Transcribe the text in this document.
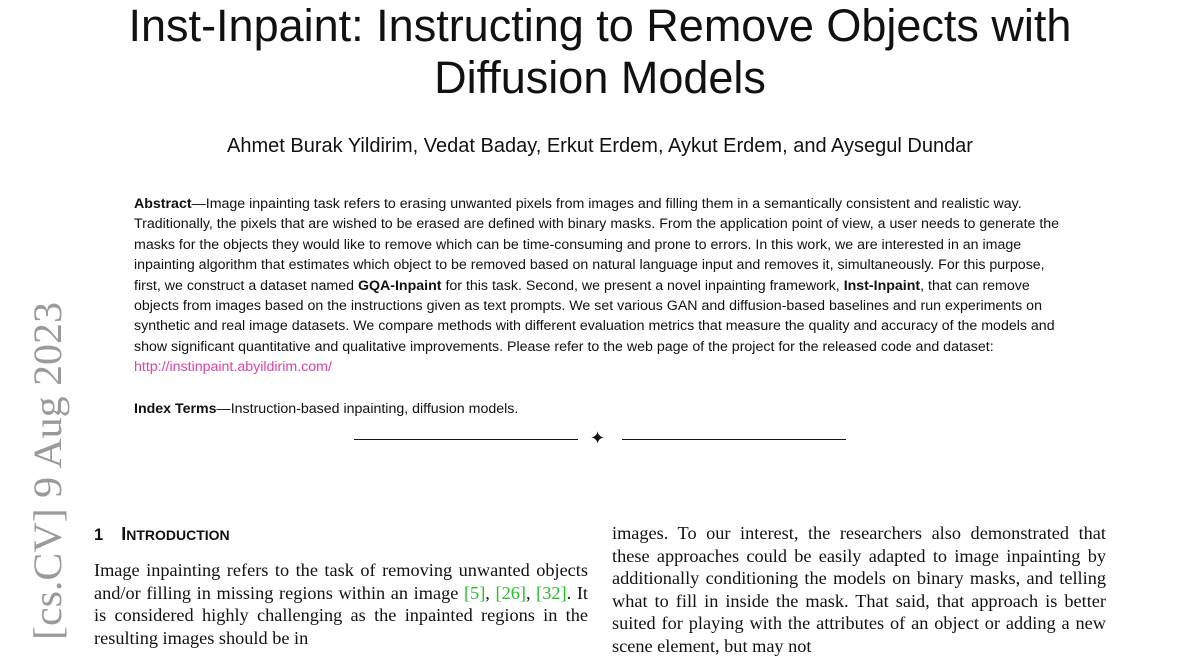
Inst-Inpaint: Instructing to Remove Objects with
Diffusion Models
Ahmet Burak Yildirim, Vedat Baday, Erkut Erdem, Aykut Erdem, and Aysegul Dundar
Abstract—Image inpainting task refers to erasing unwanted pixels from images and filling them in a semantically consistent and realistic way. Traditionally, the pixels that are wished to be erased are defined with binary masks. From the application point of view, a user needs to generate the masks for the objects they would like to remove which can be time-consuming and prone to errors. In this work, we are interested in an image inpainting algorithm that estimates which object to be removed based on natural language input and removes it, simultaneously. For this purpose, first, we construct a dataset named GQA-Inpaint for this task. Second, we present a novel inpainting framework, Inst-Inpaint, that can remove objects from images based on the instructions given as text prompts. We set various GAN and diffusion-based baselines and run experiments on synthetic and real image datasets. We compare methods with different evaluation metrics that measure the quality and accuracy of the models and show significant quantitative and qualitative improvements. Please refer to the web page of the project for the released code and dataset: http://instinpaint.abyildirim.com/
Index Terms—Instruction-based inpainting, diffusion models.
✦
[cs.CV] 9 Aug 2023 1 INTRODUCTION

Image inpainting refers to the task of removing unwanted objects and/or filling in missing regions within an image [5], [26], [32]. It is considered highly challenging as the inpainted regions in the resulting images should be in

images. To our interest, the researchers also demonstrated that these approaches could be easily adapted to image inpainting by additionally conditioning the models on binary masks, and telling what to fill in inside the mask. That said, that approach is better suited for playing with the attributes of an object or adding a new scene element, but may not
